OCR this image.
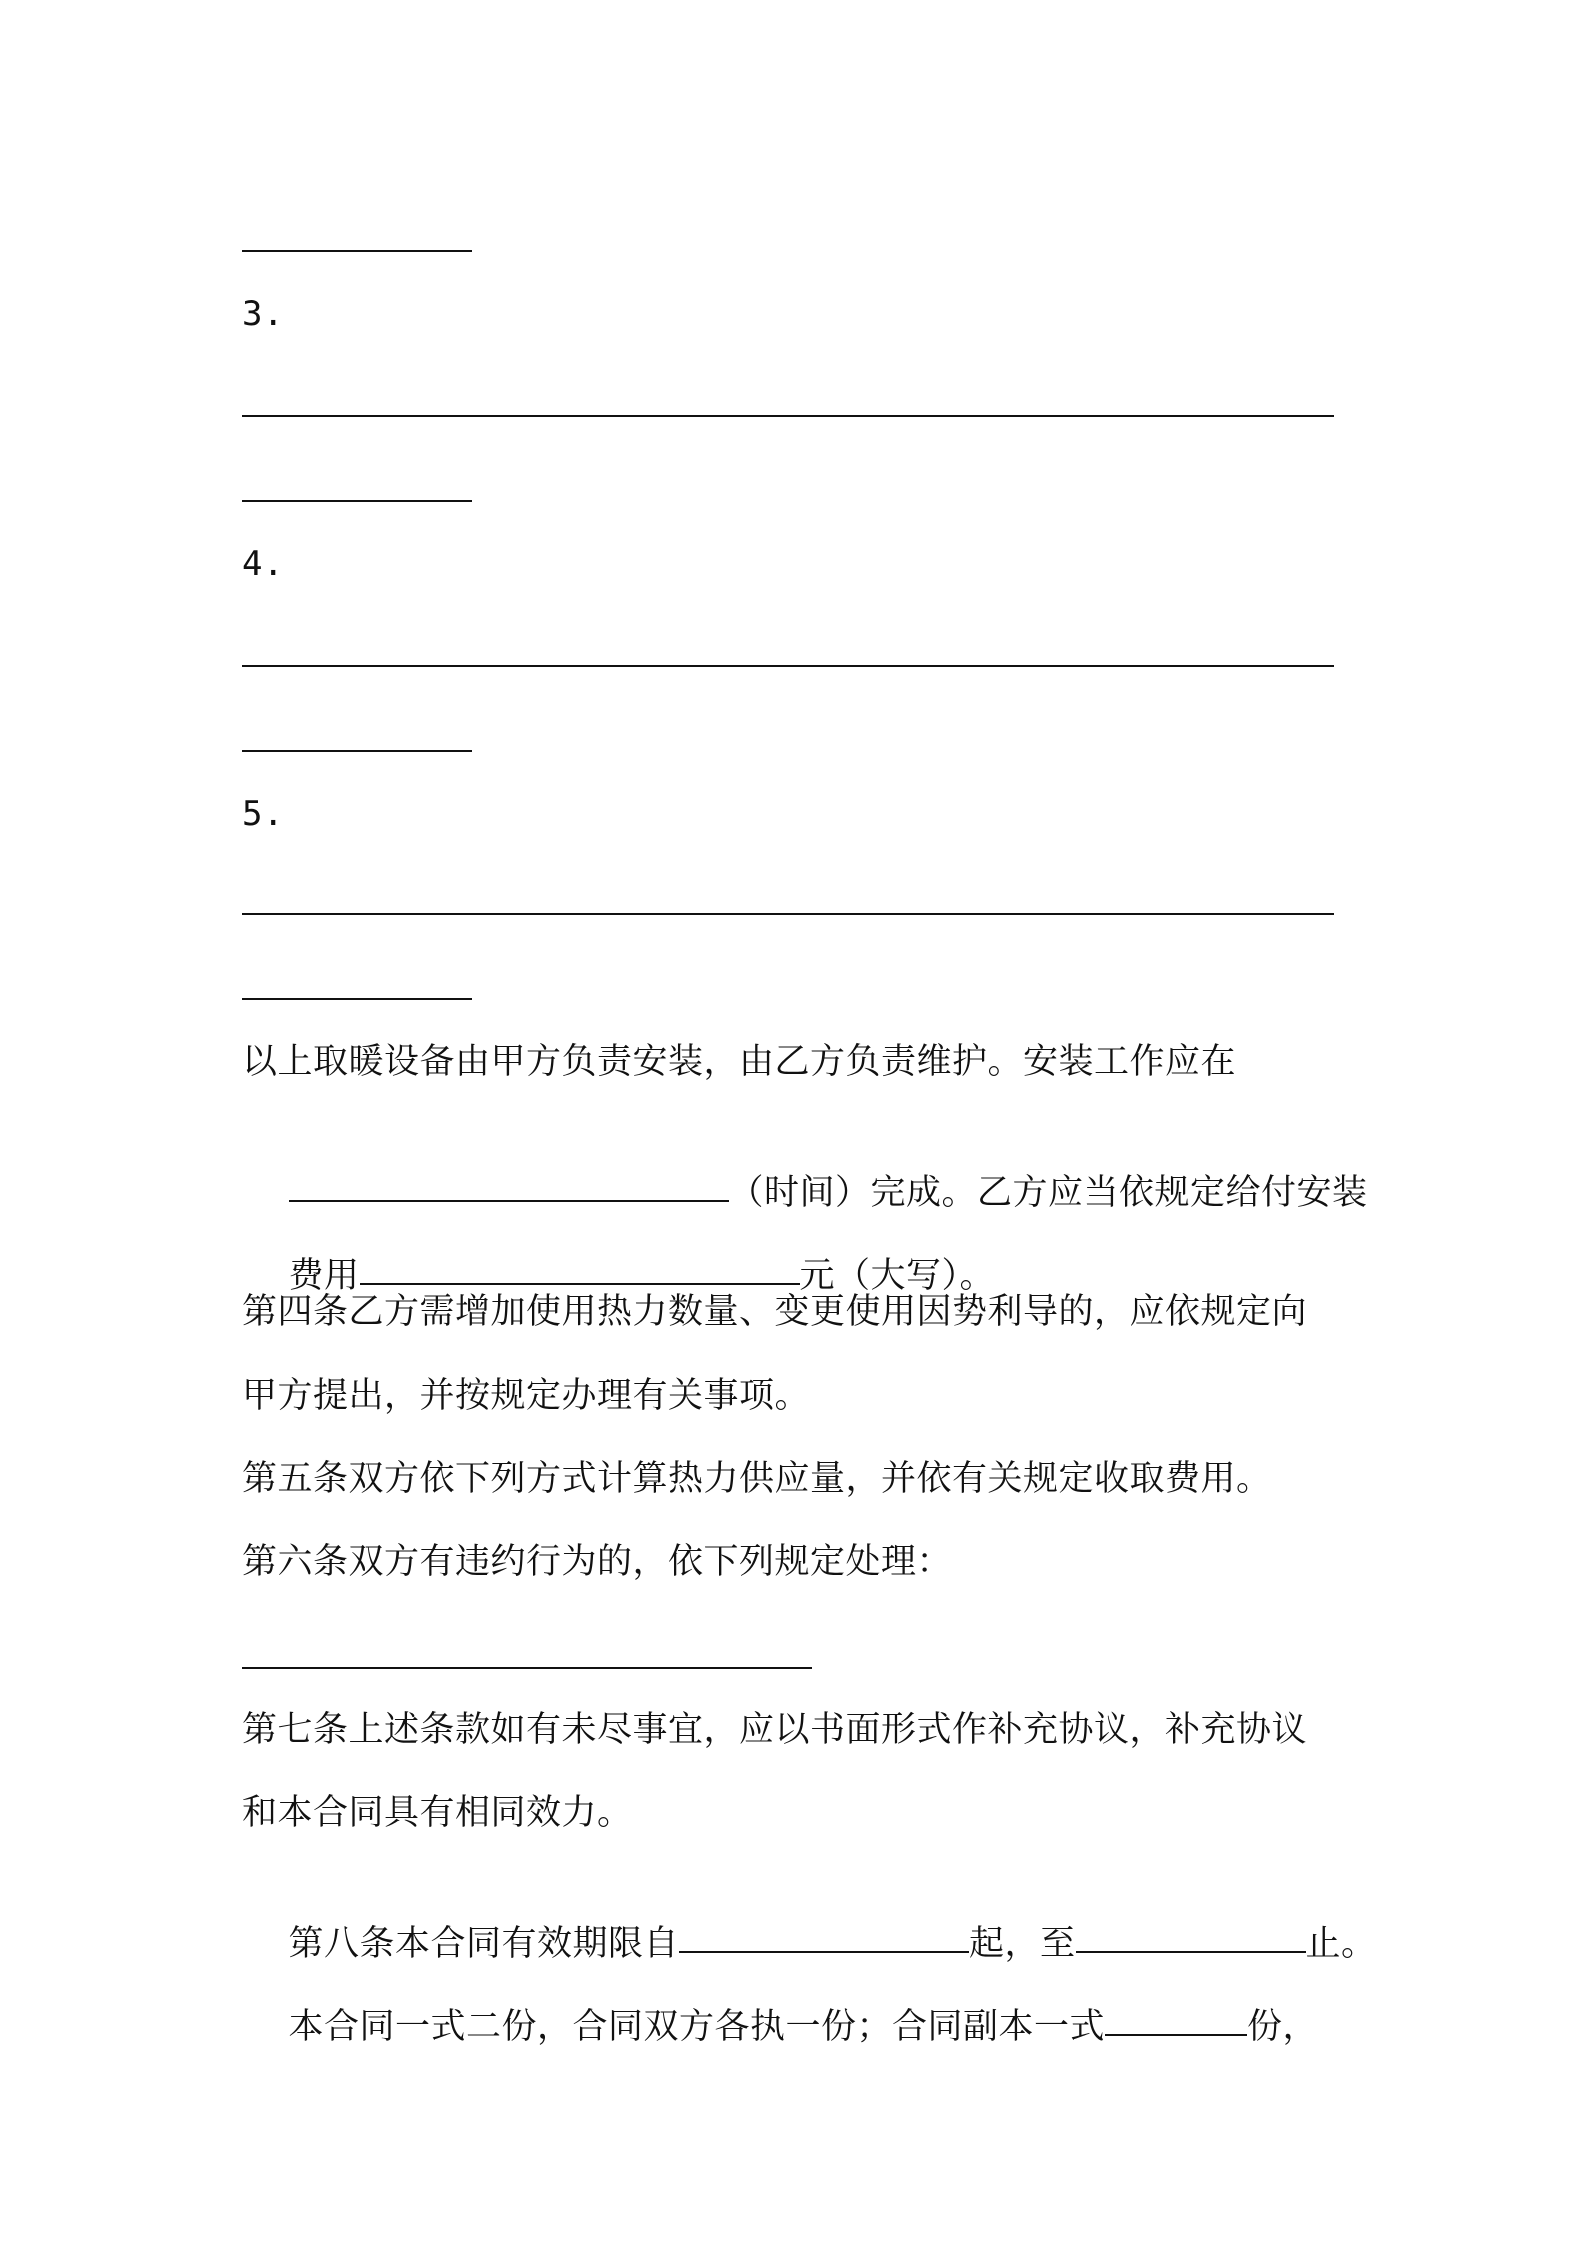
3.
4.
5.
以上取暖设备由甲方负责安装，由乙方负责维护。安装工作应在

（时间）完成。乙方应当依规定给付安装

费用	元（大写）。

第四条乙方需增加使用热力数量、变更使用因势利导的，应依规定向
甲方提出，并按规定办理有关事项。
第五条双方依下列方式计算热力供应量，并依有关规定收取费用。
第六条双方有违约行为的，依下列规定处理：
第七条上述条款如有未尽事宜，应以书面形式作补充协议，补充协议
和本合同具有相同效力。

第八条本合同有效期限自	起，至	止。

本合同一式二份，合同双方各执一份；合同副本一式	份，
